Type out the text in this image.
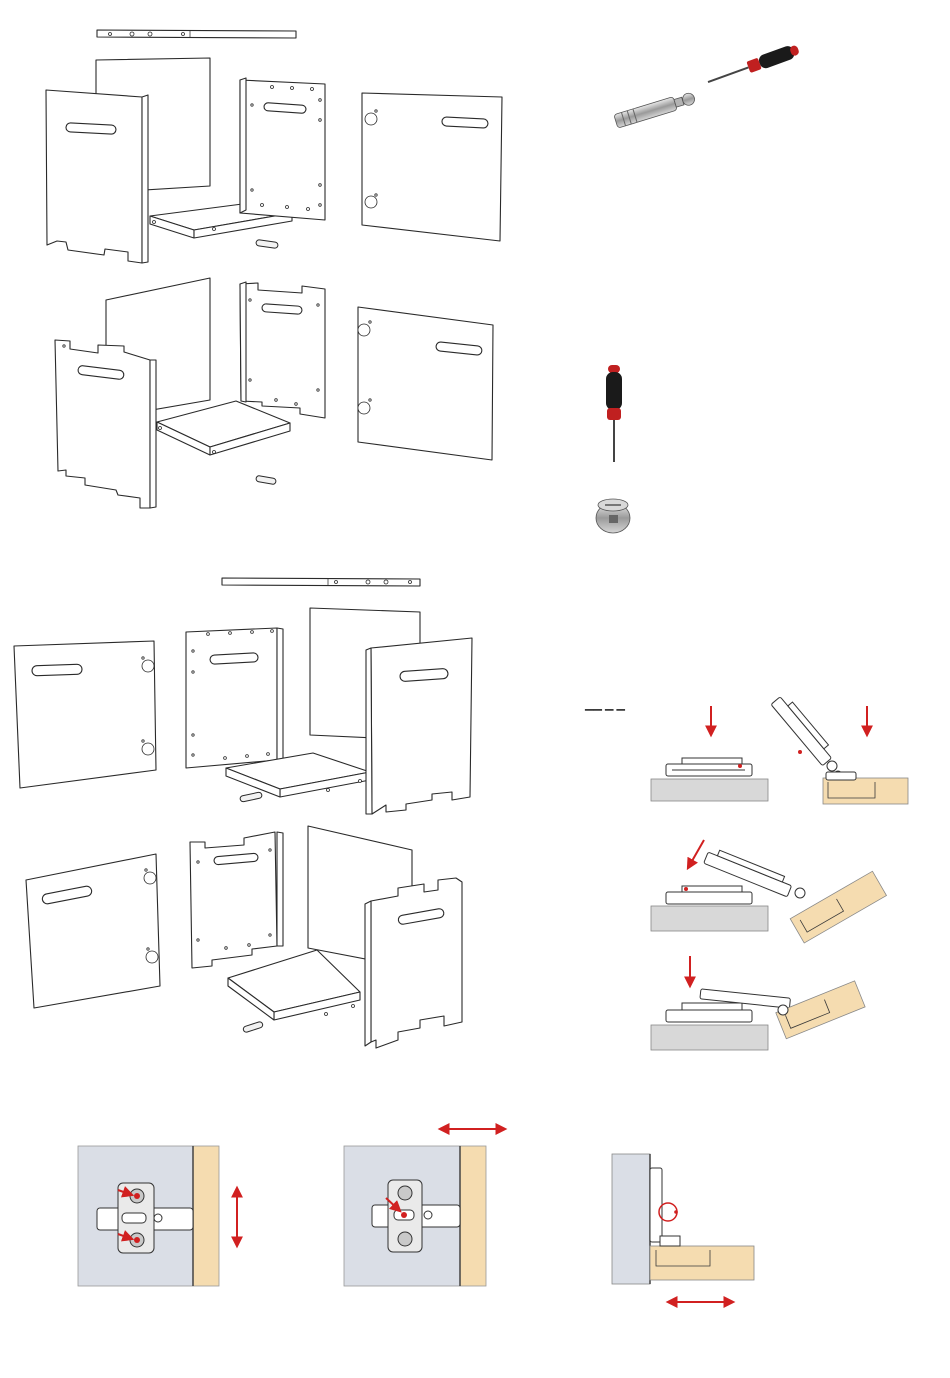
▁▁ ▁ ▁
